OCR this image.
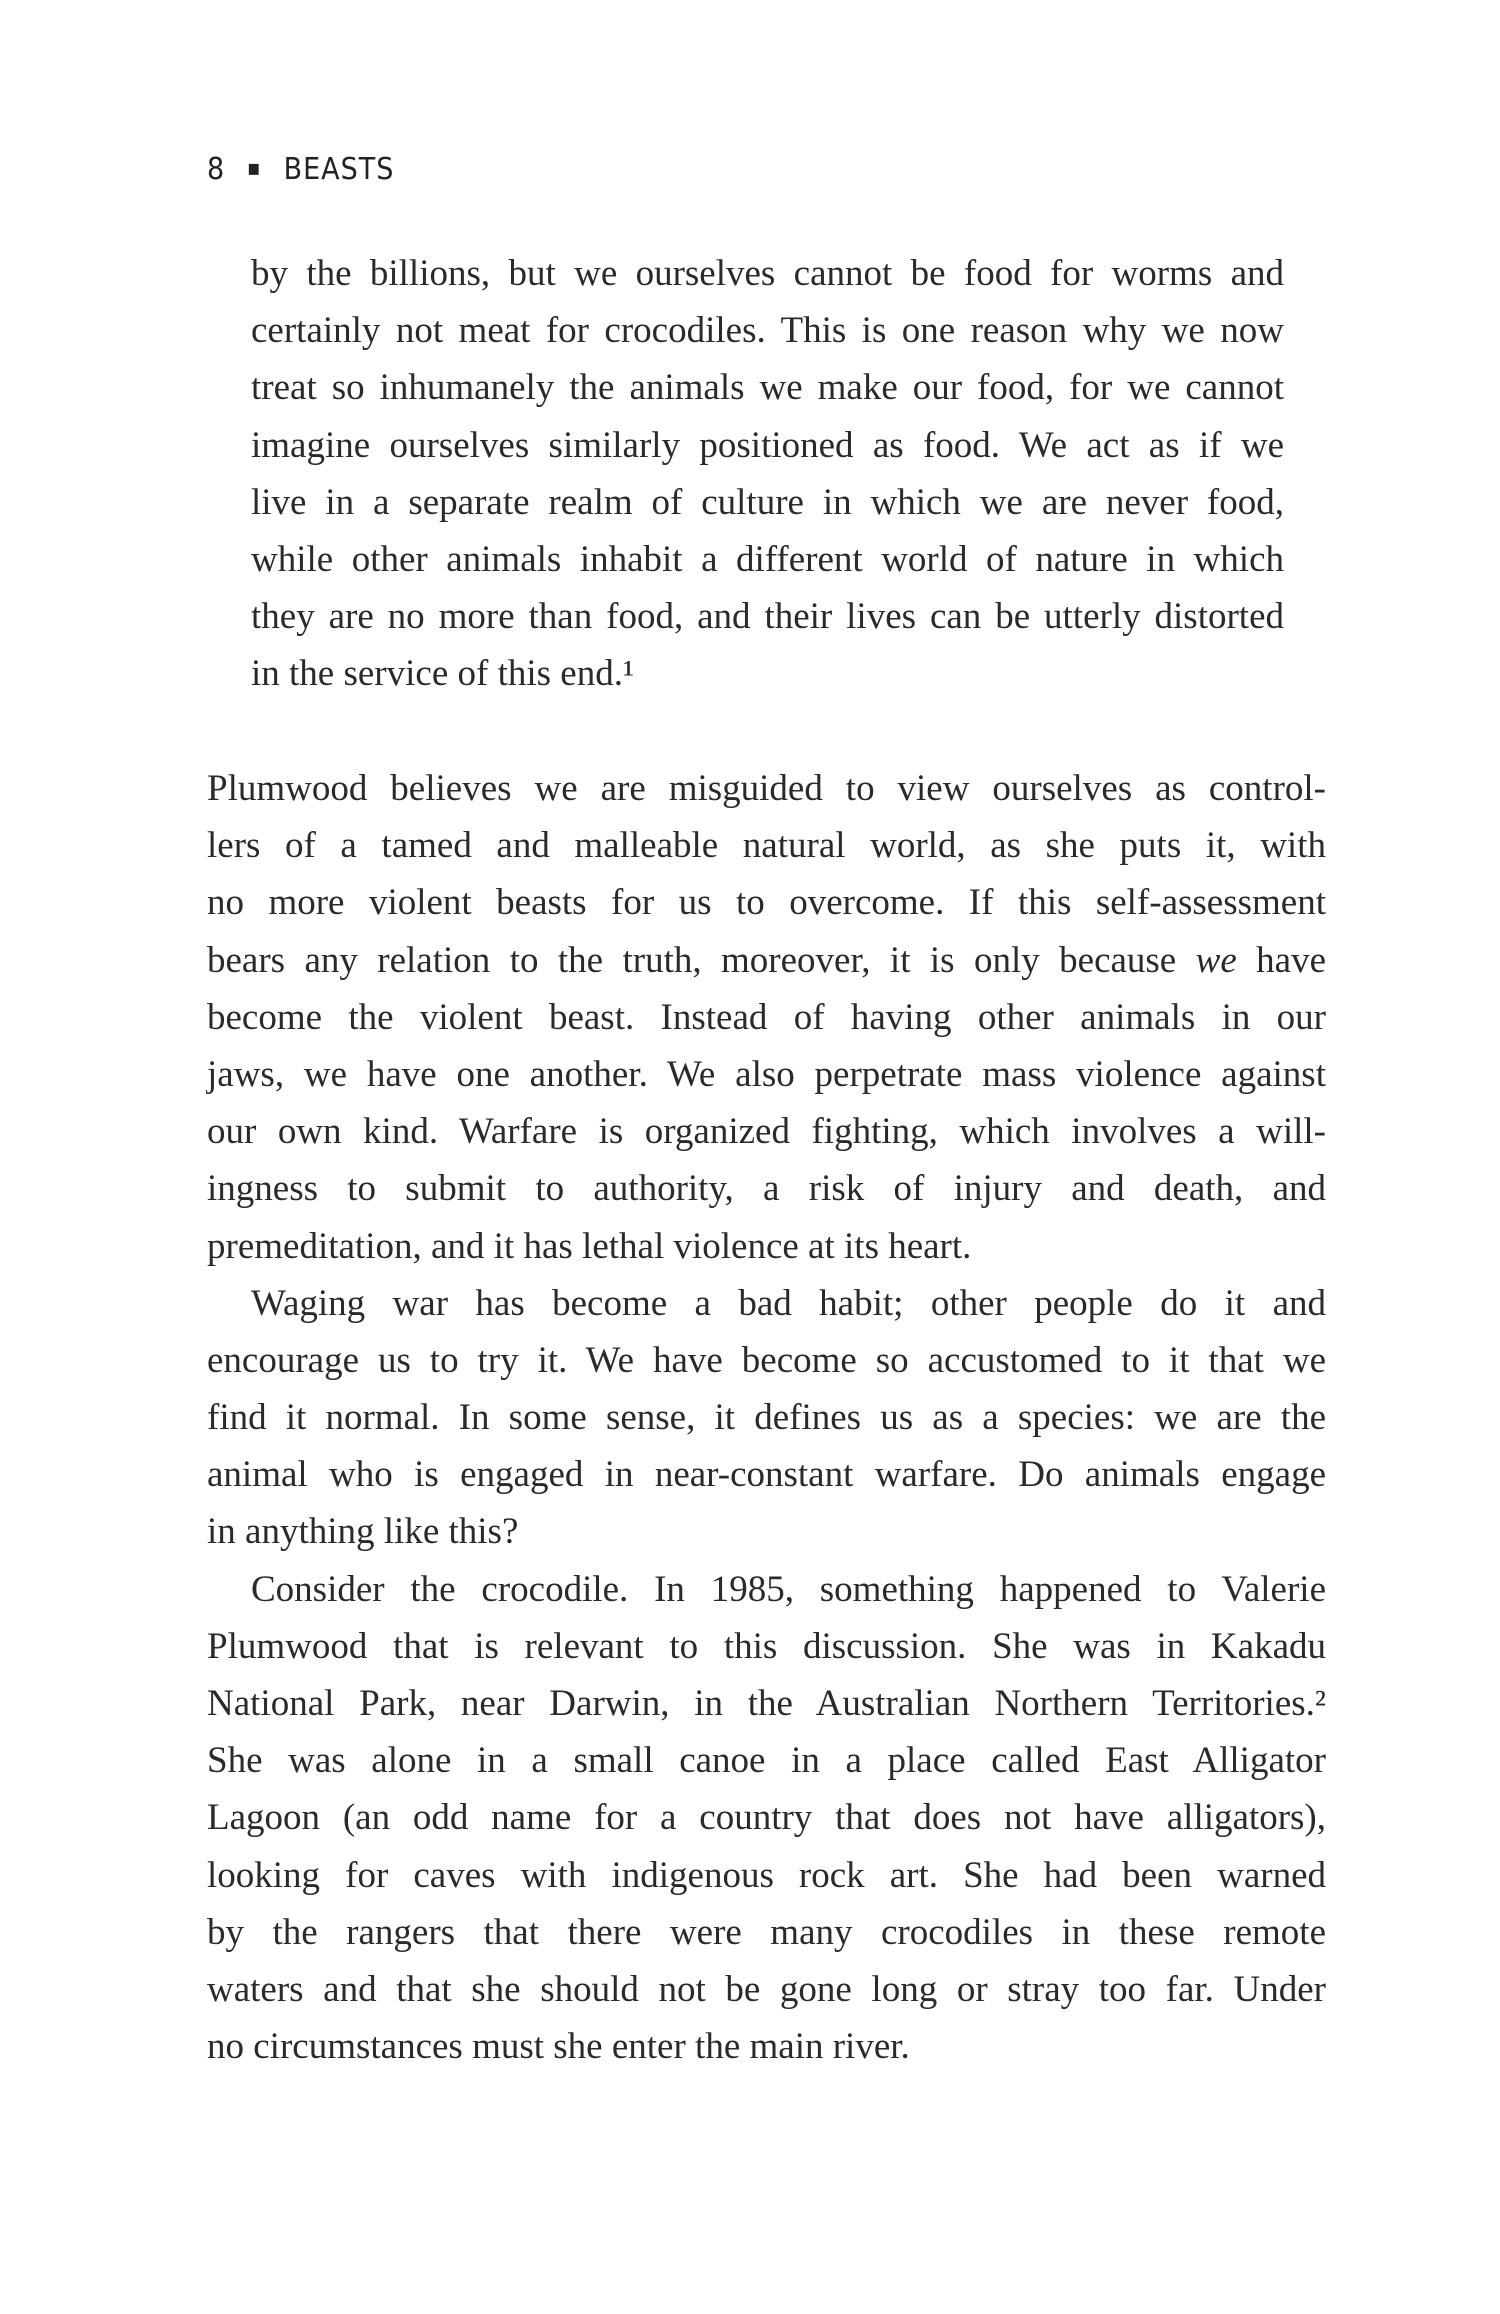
8 ▪ BEASTS
by the billions, but we ourselves cannot be food for worms and
certainly not meat for crocodiles. This is one reason why we now
treat so inhumanely the animals we make our food, for we cannot
imagine ourselves similarly positioned as food. We act as if we
live in a separate realm of culture in which we are never food,
while other animals inhabit a different world of nature in which
they are no more than food, and their lives can be utterly distorted
in the service of this end.¹
Plumwood believes we are misguided to view ourselves as control-
lers of a tamed and malleable natural world, as she puts it, with
no more violent beasts for us to overcome. If this self-assessment
bears any relation to the truth, moreover, it is only because we have
become the violent beast. Instead of having other animals in our
jaws, we have one another. We also perpetrate mass violence against
our own kind. Warfare is organized fighting, which involves a will-
ingness to submit to authority, a risk of injury and death, and
premeditation, and it has lethal violence at its heart.
Waging war has become a bad habit; other people do it and
encourage us to try it. We have become so accustomed to it that we
find it normal. In some sense, it defines us as a species: we are the
animal who is engaged in near-constant warfare. Do animals engage
in anything like this?
Consider the crocodile. In 1985, something happened to Valerie
Plumwood that is relevant to this discussion. She was in Kakadu
National Park, near Darwin, in the Australian Northern Territories.²
She was alone in a small canoe in a place called East Alligator
Lagoon (an odd name for a country that does not have alligators),
looking for caves with indigenous rock art. She had been warned
by the rangers that there were many crocodiles in these remote
waters and that she should not be gone long or stray too far. Under
no circumstances must she enter the main river.
